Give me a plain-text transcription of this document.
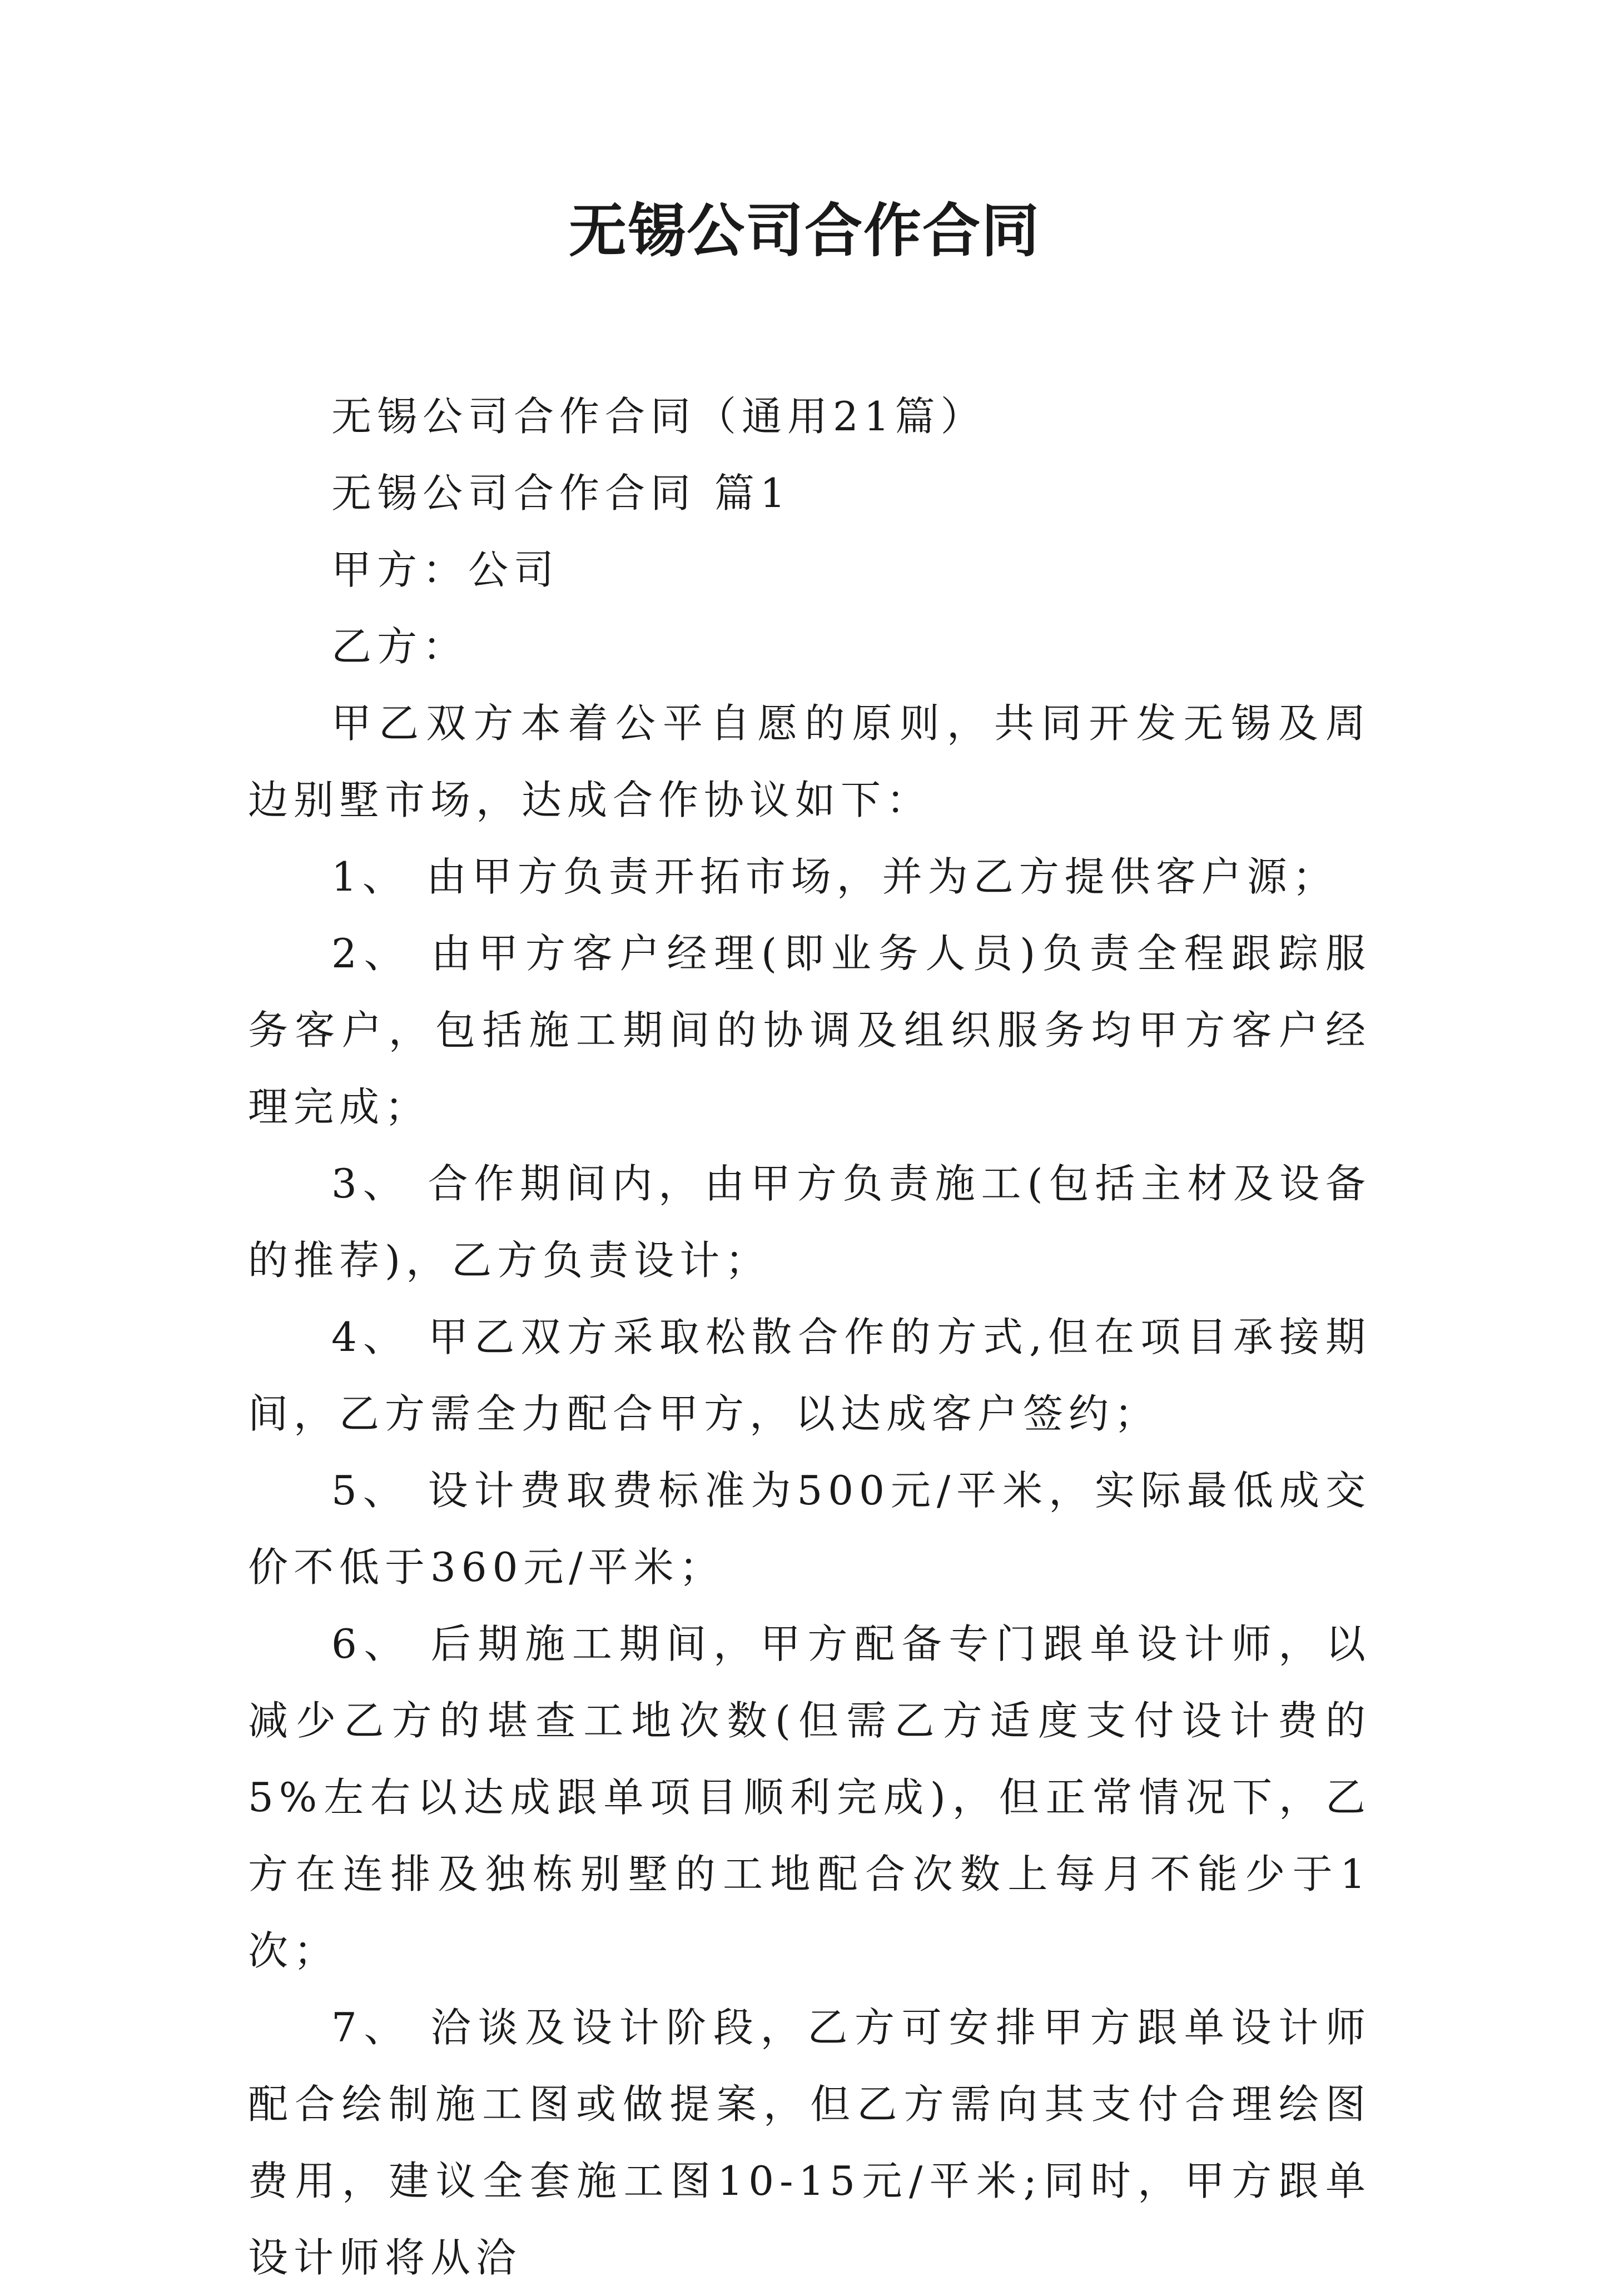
无锡公司合作合同

无锡公司合作合同（通用21篇）

无锡公司合作合同 篇1

甲方：公司

乙方：

甲乙双方本着公平自愿的原则，共同开发无锡及周边别墅市场，达成合作协议如下：

1、 由甲方负责开拓市场，并为乙方提供客户源；

2、 由甲方客户经理(即业务人员)负责全程跟踪服务客户，包括施工期间的协调及组织服务均甲方客户经理完成；

3、 合作期间内，由甲方负责施工(包括主材及设备的推荐)，乙方负责设计；

4、 甲乙双方采取松散合作的方式,但在项目承接期间，乙方需全力配合甲方，以达成客户签约；

5、 设计费取费标准为500元/平米，实际最低成交价不低于360元/平米；

6、 后期施工期间，甲方配备专门跟单设计师，以减少乙方的堪查工地次数(但需乙方适度支付设计费的5%左右以达成跟单项目顺利完成)，但正常情况下，乙方在连排及独栋别墅的工地配合次数上每月不能少于1次；

7、 洽谈及设计阶段，乙方可安排甲方跟单设计师配合绘制施工图或做提案，但乙方需向其支付合理绘图费用，建议全套施工图10-15元/平米;同时，甲方跟单设计师将从洽
